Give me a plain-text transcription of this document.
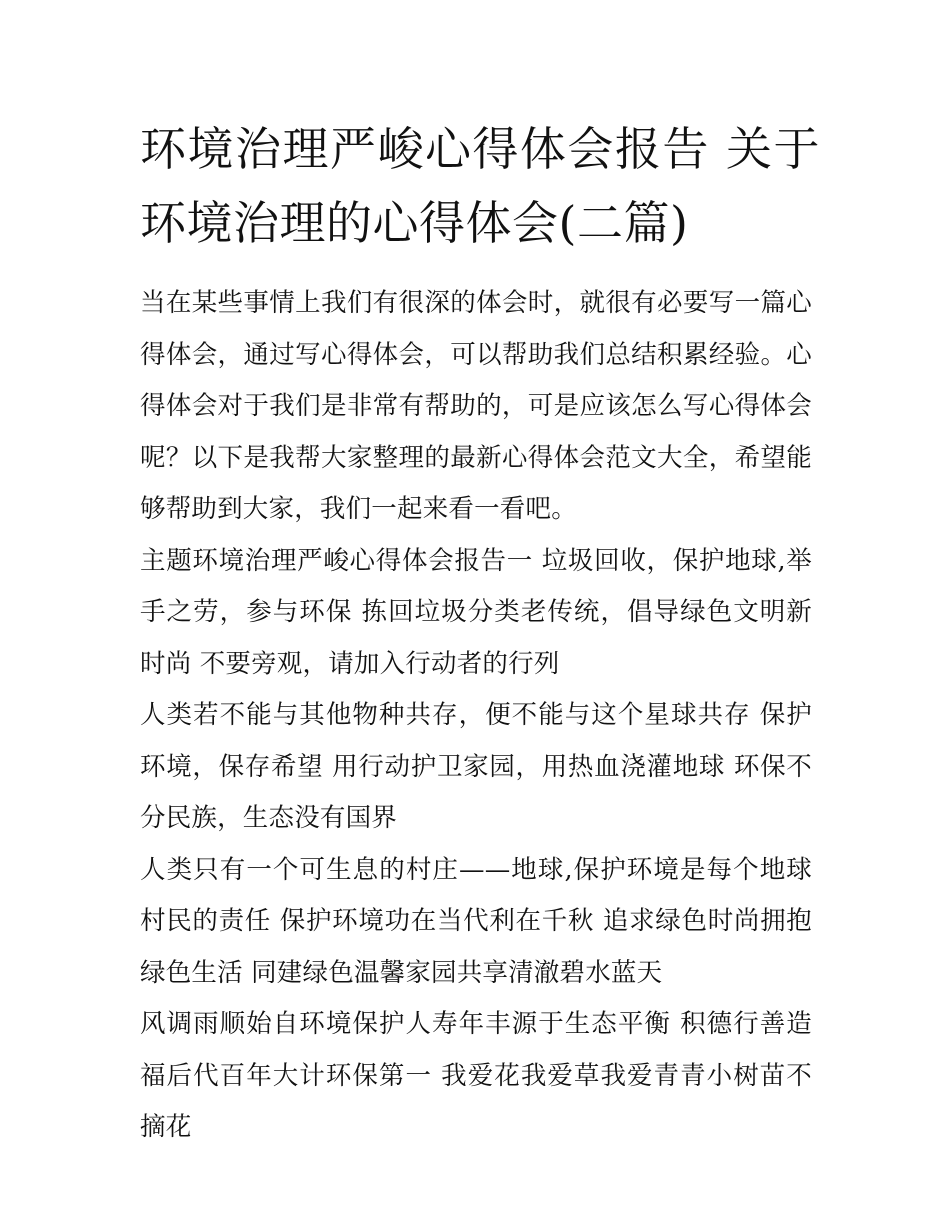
环境治理严峻心得体会报告 关于环境治理的心得体会(二篇)

当在某些事情上我们有很深的体会时，就很有必要写一篇心得体会，通过写心得体会，可以帮助我们总结积累经验。心得体会对于我们是非常有帮助的，可是应该怎么写心得体会呢？以下是我帮大家整理的最新心得体会范文大全，希望能够帮助到大家，我们一起来看一看吧。

主题环境治理严峻心得体会报告一 垃圾回收，保护地球,举手之劳，参与环保 拣回垃圾分类老传统，倡导绿色文明新时尚 不要旁观，请加入行动者的行列

人类若不能与其他物种共存，便不能与这个星球共存 保护环境，保存希望 用行动护卫家园，用热血浇灌地球 环保不分民族，生态没有国界

人类只有一个可生息的村庄——地球,保护环境是每个地球村民的责任 保护环境功在当代利在千秋 追求绿色时尚拥抱绿色生活 同建绿色温馨家园共享清澈碧水蓝天

风调雨顺始自环境保护人寿年丰源于生态平衡 积德行善造福后代百年大计环保第一 我爱花我爱草我爱青青小树苗不摘花
